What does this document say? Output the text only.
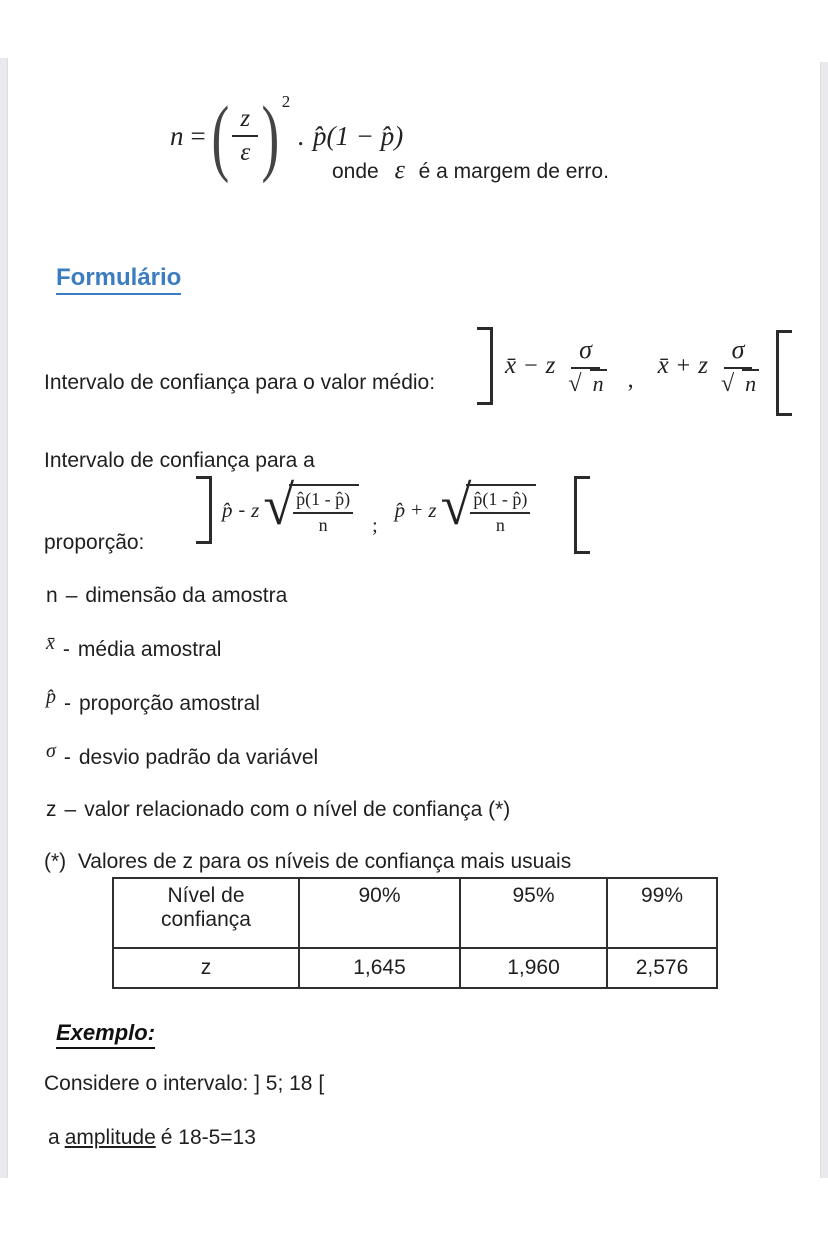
n = ( $\frac{z}{\varepsilon}$ ) 2
. p̂(1 − p̂)
onde ε é a margem de erro.
Formulário
Intervalo de confiança para o valor médio:
x̄ − z $\frac{\sigma}{√ n}$ ,
x̄ + z $\frac{\sigma}{√ n}$
Intervalo de confiança para a
proporção:
p̂ - z √
$\frac{p̂(1 - p̂)}{n}$ ;
p̂ + z √
$\frac{p̂(1 - p̂)}{n}$
n – dimensão da amostra
x̄ - média amostral
p̂ - proporção amostral
σ - desvio padrão da variável
z – valor relacionado com o nível de confiança (*)
(*)  Valores de z para os níveis de confiança mais usuais
Nível de confiança	90%	95%	99%
z	1,645	1,960	2,576
Exemplo:
Considere o intervalo: ] 5; 18 [
a amplitude é 18-5=13
